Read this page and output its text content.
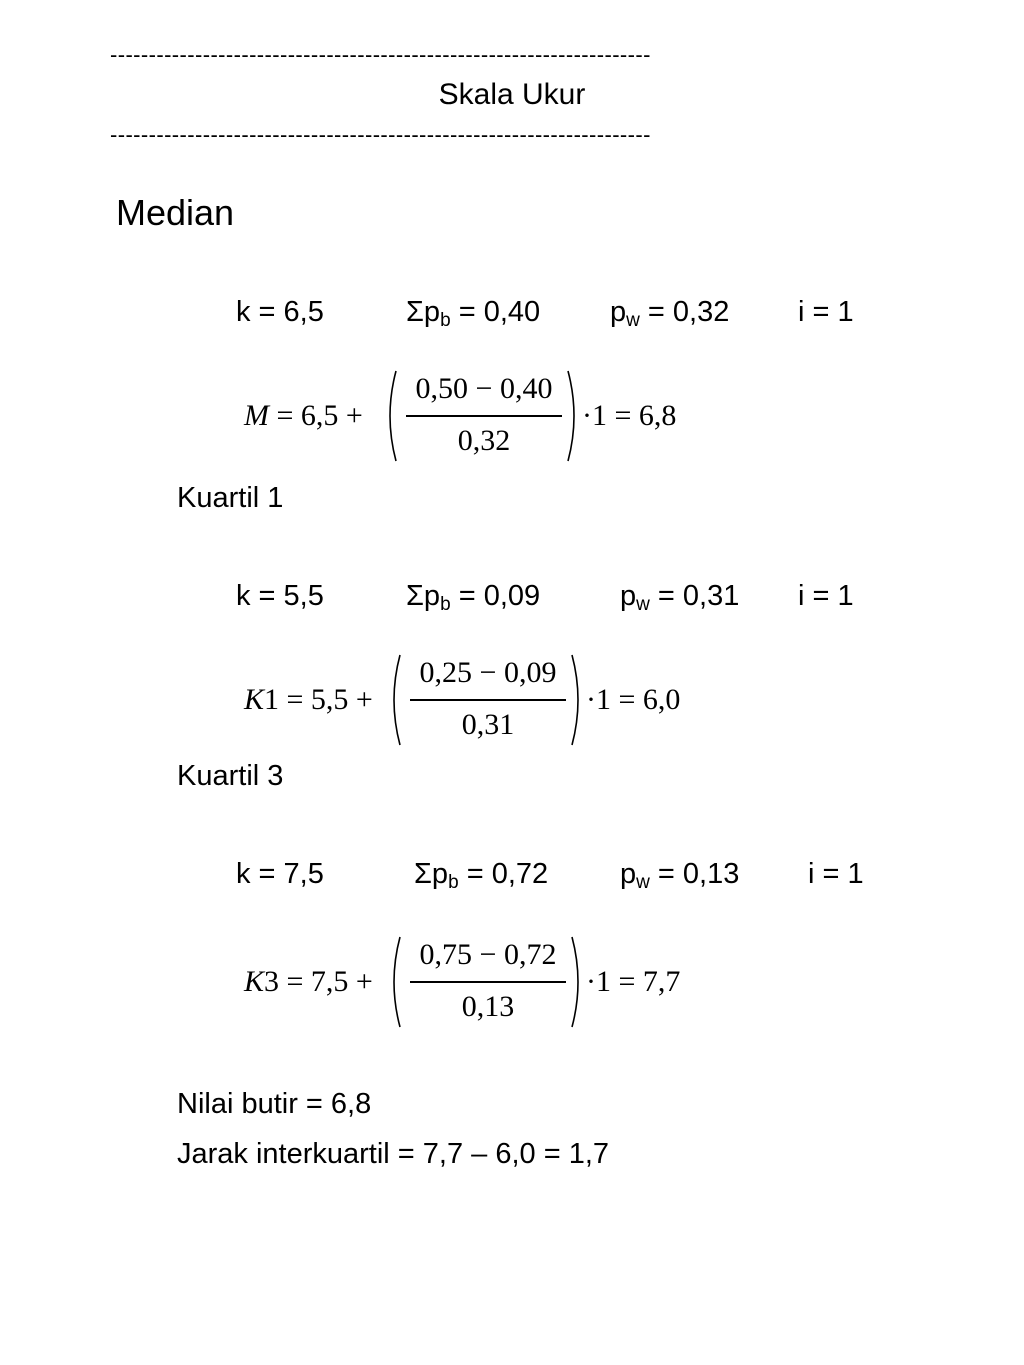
----------------------------------------------------------------------
Skala Ukur
----------------------------------------------------------------------
Median
k = 6,5	$\Sigma p_b = 0,40$ $p_w = 0,32$ i = 1
M = 6,5 +
0,50 − 0,40
0,32
·1 = 6,8
Kuartil 1
k = 5,5	$\Sigma p_b = 0,09$	$p_w = 0,31$ i = 1
K1 = 5,5 +
0,25 − 0,09
0,31
·1 = 6,0
Kuartil 3
k = 7,5	$\Sigma p_b = 0,72$ $p_w = 0,13$ i = 1
K3 = 7,5 +
0,75 − 0,72
0,13
·1 = 7,7
Nilai butir = 6,8
Jarak interkuartil = 7,7 – 6,0 = 1,7
